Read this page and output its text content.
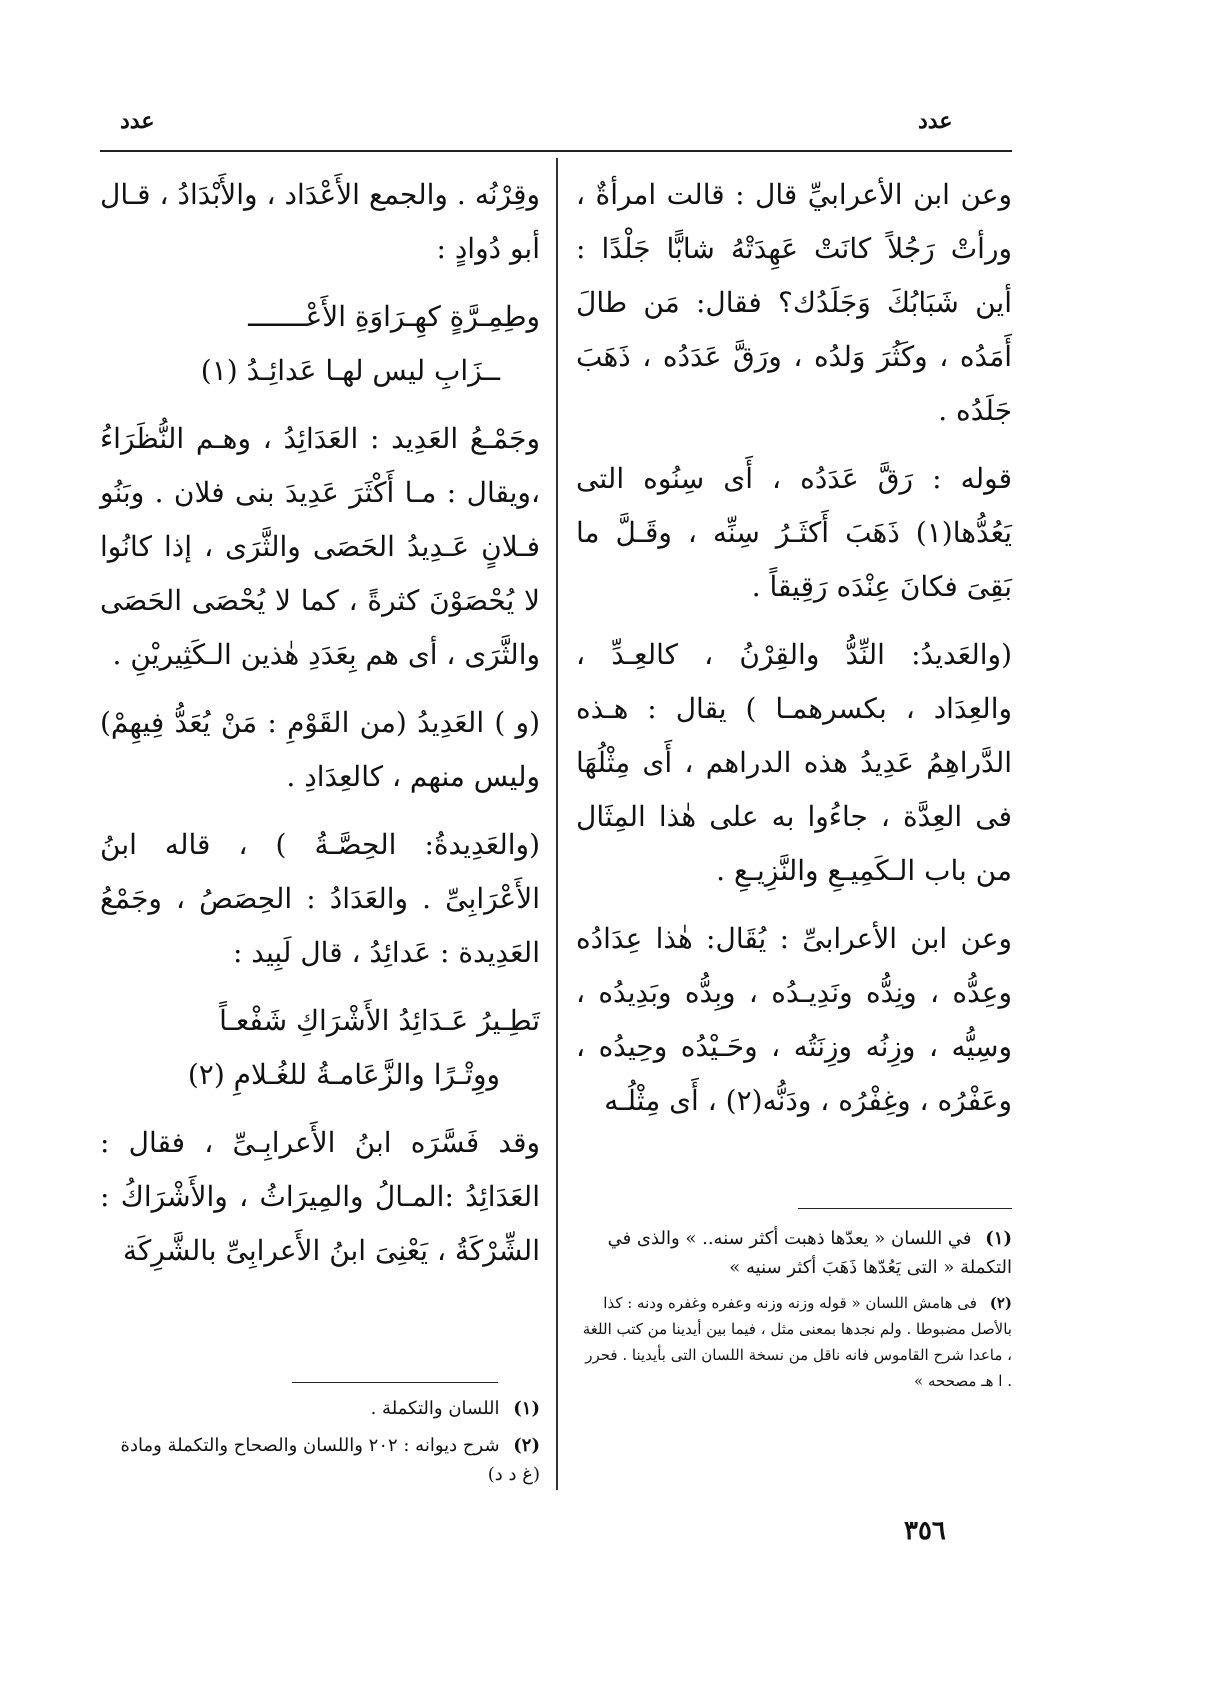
عدد
عدد

وعن ابن الأعرابيِّ قال : قالت امرأةٌ ، ورأتْ رَجُلاً كانَتْ عَهِدَتْهُ شابًّا جَلْدًا : أين شَبَابُكَ وَجَلَدُك؟ فقال: مَن طالَ أَمَدُه ، وكَثُرَ وَلدُه ، ورَقَّ عَدَدُه ، ذَهَبَ جَلَدُه .

قوله : رَقَّ عَدَدُه ، أَى سِنُوه التى يَعُدُّها(١) ذَهَبَ أَكثَـرُ سِنِّه ، وقَـلَّ ما بَقِىَ فكانَ عِنْدَه رَقِيقاً .

(والعَديدُ: النِّدُّ والقِرْنُ ، كالعِـدِّ ، والعِدَاد ، بكسرهمـا ) يقال : هـذه الدَّراهِمُ عَدِيدُ هذه الدراهم ، أَى مِثْلُهَا فى العِدَّة ، جاءُوا به على هٰذا المِثَال من باب الـكَمِيـعِ والنَّزِيـعِ .

وعن ابن الأعرابىِّ : يُقَال: هٰذا عِدَادُه وعِدُّه ، ونِدُّه ونَدِيـدُه ، وبِدُّه وبَدِيدُه ، وسِيُّه ، وزِنُه وزِنَتُه ، وحَـيْدُه وحِيدُه ، وعَفْرُه ، وغِفْرُه ، ودَنُّه(٢) ، أَى مِثْلُـه

(١) في اللسان « يعدّها ذهبت أكثر سنه.. » والذى في التكملة « التى يَعُدّها ذَهَبَ أكثر سنيه »

(٢) فى هامش اللسان « قوله وزنه وزنه وعفره وغفره ودنه : كذا بالأصل مضبوطا . ولم نجدها بمعنى مثل ، فيما بين أيدينا من كتب اللغة ، ماعدا شرح القاموس فانه ناقل من نسخة اللسان التى بأيدينا . فحرر . ا هـ مصححه »

وقِرْنُه . والجمع الأَعْدَاد ، والأَبْدَادُ ، قـال أبو دُوادٍ :

وطِمِـرَّةٍ كهِـرَاوَةِ الأَعْـــــــ

ــزَابِ ليس لهـا عَدائِـدُ (١)

وجَمْـعُ العَدِيد : العَدَائِدُ ، وهـم النُّظَرَاءُ ،ويقال : مـا أَكْثَرَ عَدِيدَ بنى فلان . وبَنُو فـلانٍ عَـدِيدُ الحَصَى والثَّرَى ، إذا كانُوا لا يُحْصَوْنَ كثرةً ، كما لا يُحْصَى الحَصَى والثَّرَى ، أى هم بِعَدَدِ هٰذين الـكَثِيريْنِ .

(و ) العَدِيدُ (من القَوْمِ : مَنْ يُعَدُّ فِيهِمْ) وليس منهم ، كالعِدَادِ .

(والعَدِيدةُ: الحِصَّـةُ ) ، قاله ابنُ الأَعْرَابِىِّ . والعَدَادُ : الحِصَصُ ، وجَمْعُ العَدِيدة : عَدائِدُ ، قال لَبِيد :

تَطِـيرُ عَـدَائِدُ الأَشْرَاكِ شَفْعـاً

ووِتْـرًا والزَّعَامـةُ للغُـلامِ (٢)

وقد فَسَّرَه ابنُ الأَعرابِـىِّ ، فقال : العَدَائِدُ :المـالُ والمِيرَاثُ ، والأَشْرَاكُ : الشِّرْكَةُ ، يَعْنِىَ ابنُ الأَعرابِىِّ بالشَّرِكَة

(١) اللسان والتكملة .

(٢) شرح ديوانه : ٢٠٢ واللسان والصحاح والتكملة ومادة (غ د د)

٣٥٦
